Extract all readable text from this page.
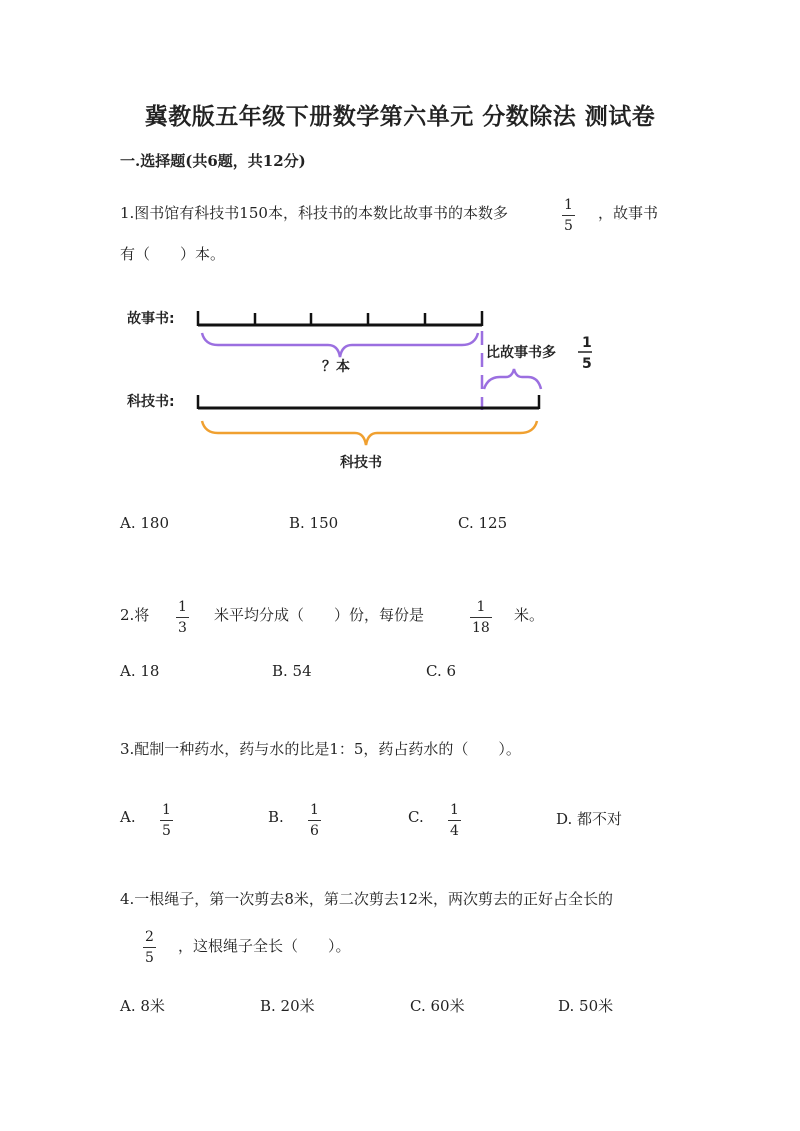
冀教版五年级下册数学第六单元 分数除法 测试卷
一.选择题(共6题，共12分)
1.图书馆有科技书150本，科技书的本数比故事书的本数多	1
5
，故事书
有（　　）本。
故事书:
？本
比故事书多
1
5
科技书:
科技书
A. 180	B. 150	C. 125
2.将 1
3
米平均分成（　　）份，每份是	1
18
米。
A. 18	B. 54	C. 6
3.配制一种药水，药与水的比是1：5，药占药水的（　　）。
A. 1
5
B. 1
6
C. 1
4
D. 都不对
4.一根绳子，第一次剪去8米，第二次剪去12米，两次剪去的正好占全长的
2
5
，这根绳子全长（　　）。
A. 8米	B. 20米	C. 60米	D. 50米
